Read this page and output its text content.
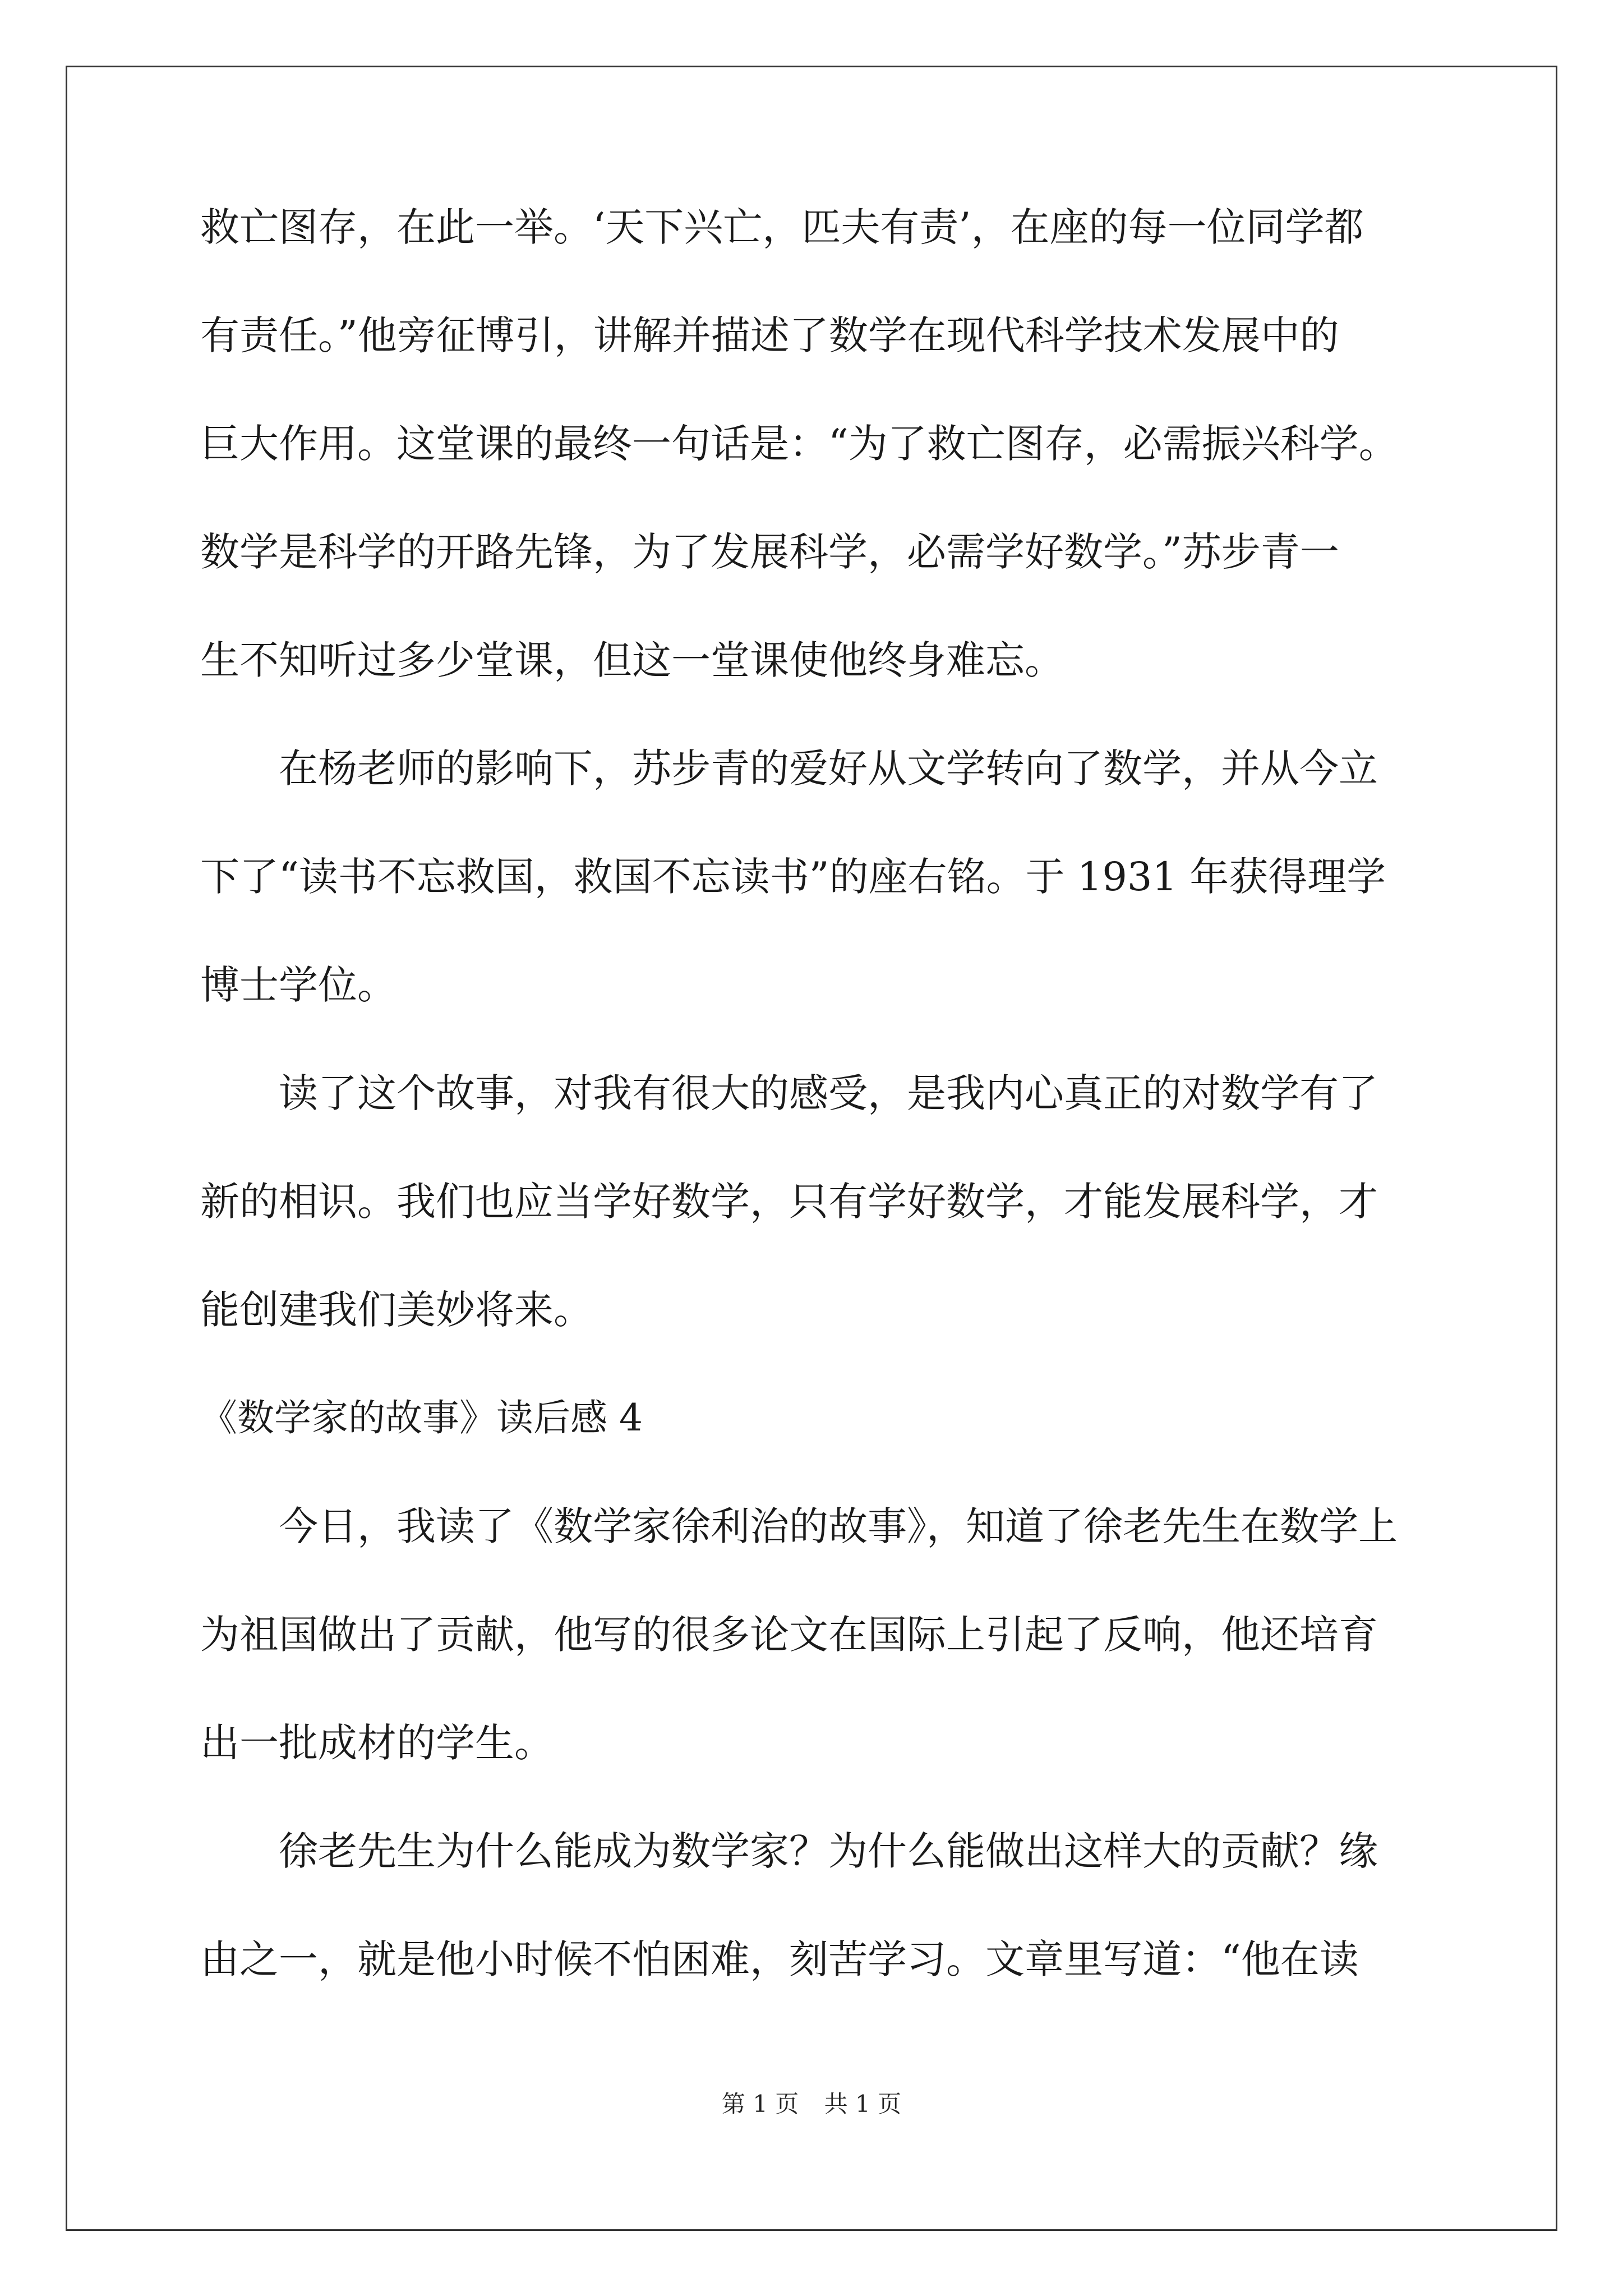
救亡图存，在此一举。‘天下兴亡，匹夫有责’，在座的每一位同学都
有责任。”他旁征博引，讲解并描述了数学在现代科学技术发展中的
巨大作用。这堂课的最终一句话是：“为了救亡图存，必需振兴科学。
数学是科学的开路先锋，为了发展科学，必需学好数学。”苏步青一
生不知听过多少堂课，但这一堂课使他终身难忘。
在杨老师的影响下，苏步青的爱好从文学转向了数学，并从今立
下了“读书不忘救国，救国不忘读书”的座右铭。于 1931 年获得理学
博士学位。
读了这个故事，对我有很大的感受，是我内心真正的对数学有了
新的相识。我们也应当学好数学，只有学好数学，才能发展科学，才
能创建我们美妙将来。
《数学家的故事》读后感 4
今日，我读了《数学家徐利治的故事》，知道了徐老先生在数学上
为祖国做出了贡献，他写的很多论文在国际上引起了反响，他还培育
出一批成材的学生。
徐老先生为什么能成为数学家？为什么能做出这样大的贡献？缘
由之一，就是他小时候不怕困难，刻苦学习。文章里写道：“他在读
第 1 页 共 1 页
